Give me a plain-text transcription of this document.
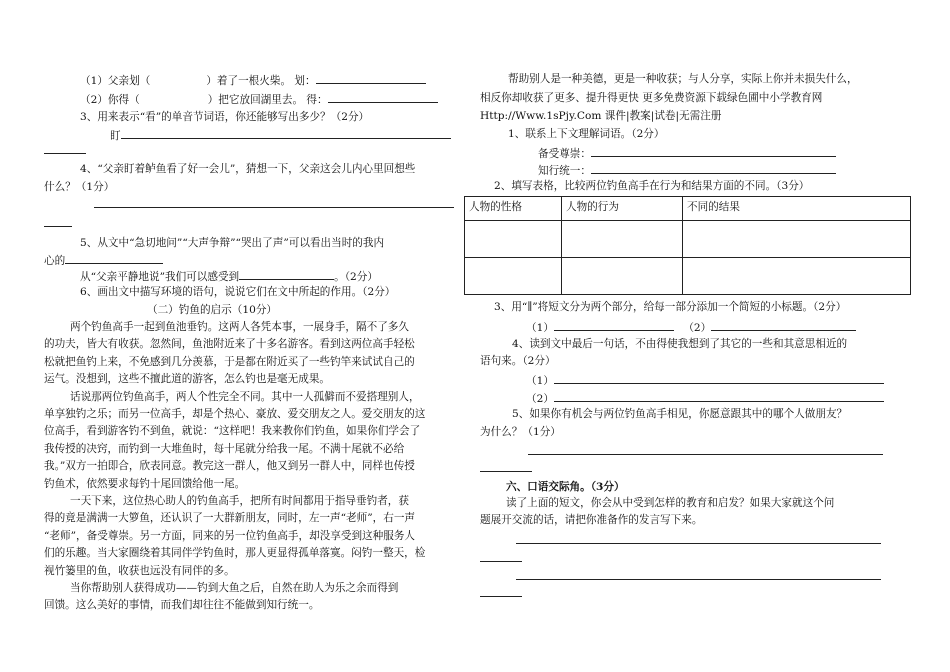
（1）父亲划（	）着了一根火柴。 划：
（2）你得（	）把它放回湖里去。 得：
3、用来表示“看”的单音节词语，你还能够写出多少？（2分）
盯
4、“父亲盯着鲈鱼看了好一会儿”，猜想一下，父亲这会儿内心里回想些
什么？（1分）
5、从文中“急切地问”“大声争辩”“哭出了声”可以看出当时的我内
心的
从“父亲平静地说”我们可以感受到	。（2分）
6、画出文中描写环境的语句，说说它们在文中所起的作用。（2分）
（二）钓鱼的启示（10分）
两个钓鱼高手一起到鱼池垂钓。这两人各凭本事，一展身手，隔不了多久
的功夫，皆大有收获。忽然间，鱼池附近来了十多名游客。看到这两位高手轻松
松就把鱼钓上来，不免感到几分羡慕，于是都在附近买了一些钓竿来试试自己的
运气。没想到，这些不擅此道的游客，怎么钓也是毫无成果。
话说那两位钓鱼高手，两人个性完全不同。其中一人孤僻而不爱搭理别人，
单享独钓之乐；而另一位高手，却是个热心、豪放、爱交朋友之人。爱交朋友的这
位高手，看到游客钓不到鱼，就说：“这样吧！我来教你们钓鱼，如果你们学会了
我传授的决窍，而钓到一大堆鱼时，每十尾就分给我一尾。不满十尾就不必给
我。”双方一拍即合，欣表同意。教完这一群人，他又到另一群人中，同样也传授
钓鱼术，依然要求每钓十尾回馈给他一尾。
一天下来，这位热心助人的钓鱼高手，把所有时间都用于指导垂钓者，获
得的竟是满满一大箩鱼，还认识了一大群新朋友，同时，左一声“老师”，右一声
“老师”，备受尊崇。另一方面，同来的另一位钓鱼高手，却没享受到这种服务人
们的乐趣。当大家圈绕着其同伴学钓鱼时，那人更显得孤单落寞。闷钓一整天，检
视竹篓里的鱼，收获也远没有同伴的多。
当你帮助别人获得成功——钓到大鱼之后，自然在助人为乐之余而得到
回馈。这么美好的事情，而我们却往往不能做到知行统一。
帮助别人是一种美德，更是一种收获；与人分享，实际上你并未损失什么，
相反你却收获了更多、提升得更快 更多免费资源下载绿色圃中小学教育网
Http://Www.1sPjy.Com 课件|教案|试卷|无需注册
1、联系上下文理解词语。（2分）
备受尊崇：
知行统一：
2、填写表格，比较两位钓鱼高手在行为和结果方面的不同。（3分）
人物的性格	人物的行为	不同的结果

3、用“∥”将短文分为两个部分，给每一部分添加一个简短的小标题。（2分）
（1）	（2）
4、读到文中最后一句话，不由得使我想到了其它的一些和其意思相近的
语句来。（2分）
（1）
（2）
5、如果你有机会与两位钓鱼高手相见，你愿意跟其中的哪个人做朋友？
为什么？（1分）
六、口语交际角。（3分）
读了上面的短文，你会从中受到怎样的教育和启发？如果大家就这个问
题展开交流的话，请把你准备作的发言写下来。
